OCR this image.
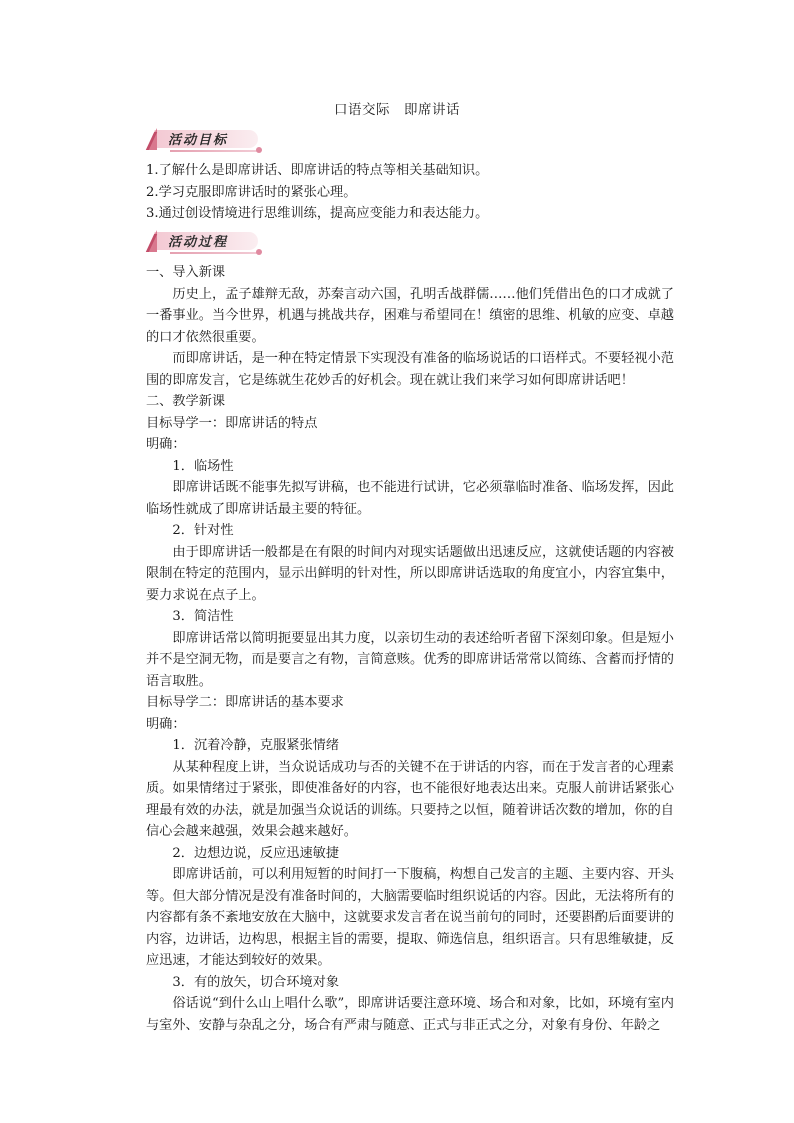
口语交际　即席讲话
活动目标

1.了解什么是即席讲话、即席讲话的特点等相关基础知识。

2.学习克服即席讲话时的紧张心理。

3.通过创设情境进行思维训练，提高应变能力和表达能力。

活动过程

一、导入新课

历史上，孟子雄辩无敌，苏秦言动六国，孔明舌战群儒……他们凭借出色的口才成就了一番事业。当今世界，机遇与挑战共存，困难与希望同在！缜密的思维、机敏的应变、卓越的口才依然很重要。

而即席讲话，是一种在特定情景下实现没有准备的临场说话的口语样式。不要轻视小范围的即席发言，它是练就生花妙舌的好机会。现在就让我们来学习如何即席讲话吧！

二、教学新课

目标导学一：即席讲话的特点

明确：

1．临场性

即席讲话既不能事先拟写讲稿，也不能进行试讲，它必须靠临时准备、临场发挥，因此临场性就成了即席讲话最主要的特征。

2．针对性

由于即席讲话一般都是在有限的时间内对现实话题做出迅速反应，这就使话题的内容被限制在特定的范围内，显示出鲜明的针对性，所以即席讲话选取的角度宜小，内容宜集中，要力求说在点子上。

3．简洁性

即席讲话常以简明扼要显出其力度，以亲切生动的表述给听者留下深刻印象。但是短小并不是空洞无物，而是要言之有物，言简意赅。优秀的即席讲话常常以简练、含蓄而抒情的语言取胜。

目标导学二：即席讲话的基本要求

明确：

1．沉着冷静，克服紧张情绪

从某种程度上讲，当众说话成功与否的关键不在于讲话的内容，而在于发言者的心理素质。如果情绪过于紧张，即使准备好的内容，也不能很好地表达出来。克服人前讲话紧张心理最有效的办法，就是加强当众说话的训练。只要持之以恒，随着讲话次数的增加，你的自信心会越来越强，效果会越来越好。

2．边想边说，反应迅速敏捷

即席讲话前，可以利用短暂的时间打一下腹稿，构想自己发言的主题、主要内容、开头等。但大部分情况是没有准备时间的，大脑需要临时组织说话的内容。因此，无法将所有的内容都有条不紊地安放在大脑中，这就要求发言者在说当前句的同时，还要斟酌后面要讲的内容，边讲话，边构思，根据主旨的需要，提取、筛选信息，组织语言。只有思维敏捷，反应迅速，才能达到较好的效果。

3．有的放矢，切合环境对象

俗话说“到什么山上唱什么歌”，即席讲话要注意环境、场合和对象，比如，环境有室内与室外、安静与杂乱之分，场合有严肃与随意、正式与非正式之分，对象有身份、年龄之
